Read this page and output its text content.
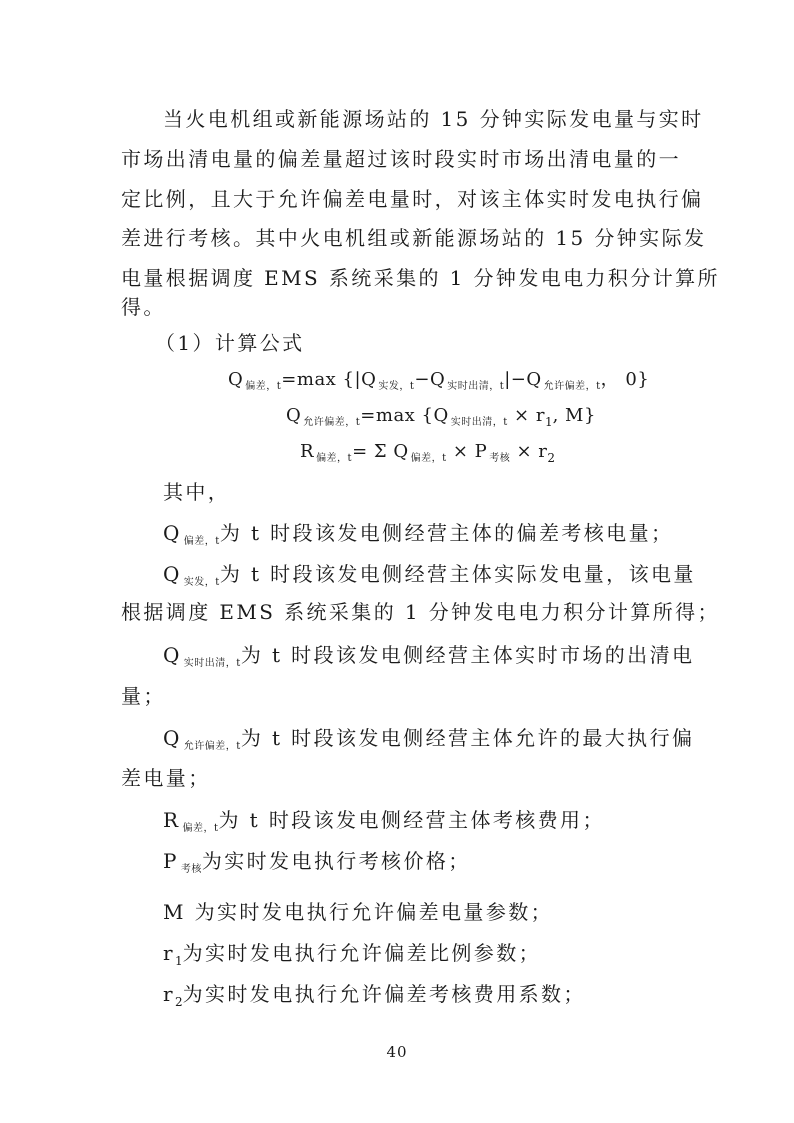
当火电机组或新能源场站的 15 分钟实际发电量与实时
市场出清电量的偏差量超过该时段实时市场出清电量的一
定比例，且大于允许偏差电量时，对该主体实时发电执行偏
差进行考核。其中火电机组或新能源场站的 15 分钟实际发
电量根据调度 EMS 系统采集的 1 分钟发电电力积分计算所
得。
（1）计算公式
Q $_{偏差,t}$=max {|Q $_{实发,t}$−Q $_{实时出清,t}$|−Q $_{允许偏差,t}$， 0}
Q $_{允许偏差,t}$=max {Q $_{实时出清,t} \times r_1$, M}
R $_{偏差,t}$= Σ Q $_{偏差,t}$ × P $_{考核} \times r_2$
其中，
Q $_{偏差,t}$为 t 时段该发电侧经营主体的偏差考核电量；
Q $_{实发,t}$为 t 时段该发电侧经营主体实际发电量，该电量
根据调度 EMS 系统采集的 1 分钟发电电力积分计算所得；
Q $_{实时出清,t}$为 t 时段该发电侧经营主体实时市场的出清电
量；
Q $_{允许偏差,t}$为 t 时段该发电侧经营主体允许的最大执行偏
差电量；
R $_{偏差,t}$为 t 时段该发电侧经营主体考核费用；
P $_{考核}$为实时发电执行考核价格；
M 为实时发电执行允许偏差电量参数；
$r_1$为实时发电执行允许偏差比例参数；
$r_2$为实时发电执行允许偏差考核费用系数；
40
